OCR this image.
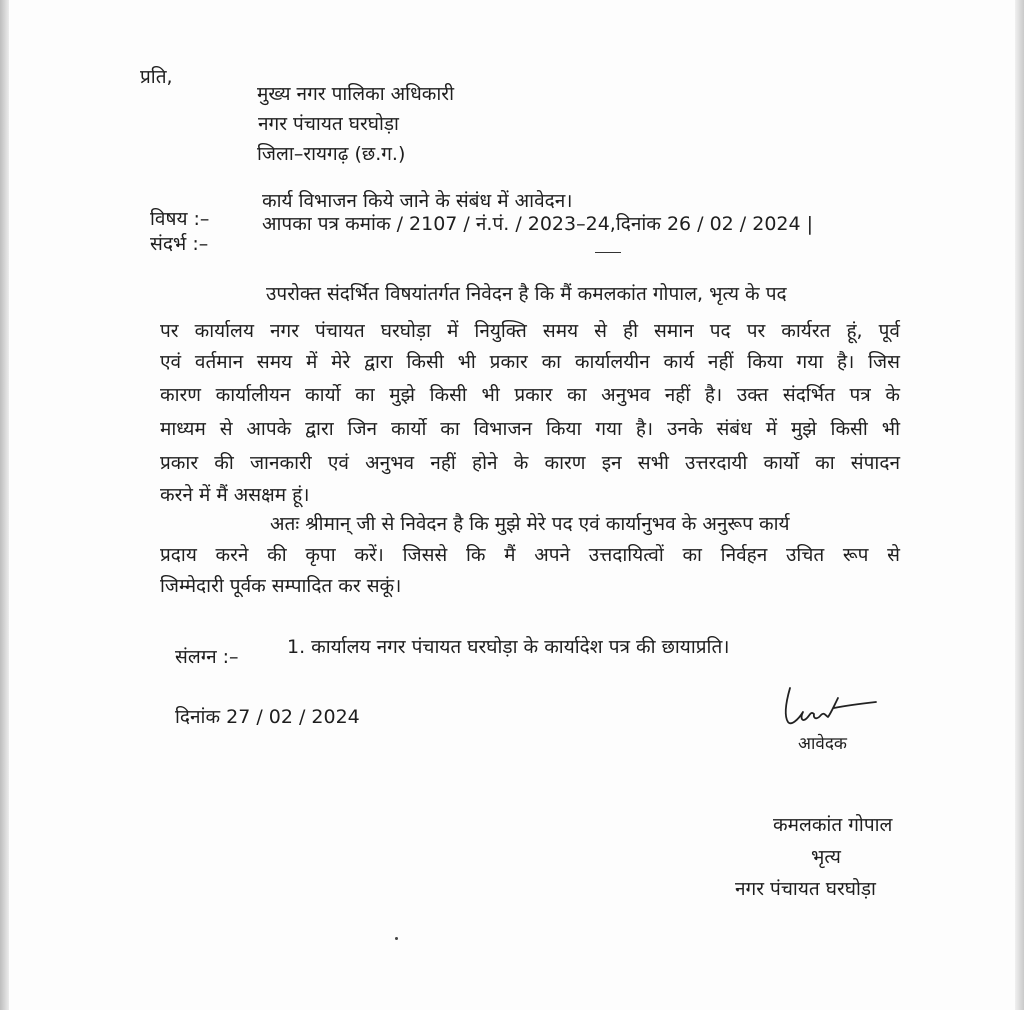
प्रति,
मुख्य नगर पालिका अधिकारी
नगर पंचायत घरघोड़ा
जिला–रायगढ़ (छ.ग.)
विषय :–
कार्य विभाजन किये जाने के संबंध में आवेदन।
संदर्भ :–
आपका पत्र कमांक / 2107 / नं.पं. / 2023–24,दिनांक 26 / 02 / 2024 |
उपरोक्त संदर्भित विषयांतर्गत निवेदन है कि मैं कमलकांत गोपाल, भृत्य के पद
पर कार्यालय नगर पंचायत घरघोड़ा में नियुक्ति समय से ही समान पद पर कार्यरत हूं, पूर्व
एवं वर्तमान समय में मेरे द्वारा किसी भी प्रकार का कार्यालयीन कार्य नहीं किया गया है। जिस
कारण कार्यालीयन कार्यो का मुझे किसी भी प्रकार का अनुभव नहीं है। उक्त संदर्भित पत्र के
माध्यम से आपके द्वारा जिन कार्यो का विभाजन किया गया है। उनके संबंध में मुझे किसी भी
प्रकार की जानकारी एवं अनुभव नहीं होने के कारण इन सभी उत्तरदायी कार्यो का संपादन
करने में मैं असक्षम हूं।
अतः श्रीमान् जी से निवेदन है कि मुझे मेरे पद एवं कार्यानुभव के अनुरूप कार्य
प्रदाय करने की कृपा करें। जिससे कि मैं अपने उत्तदायित्वों का निर्वहन उचित रूप से
जिम्मेदारी पूर्वक सम्पादित कर सकूं।
संलग्न :–	1. कार्यालय नगर पंचायत घरघोड़ा के कार्यादेश पत्र की छायाप्रति।
दिनांक 27 / 02 / 2024	Lant
आवेदक
कमलकांत गोपाल
भृत्य
नगर पंचायत घरघोड़ा
